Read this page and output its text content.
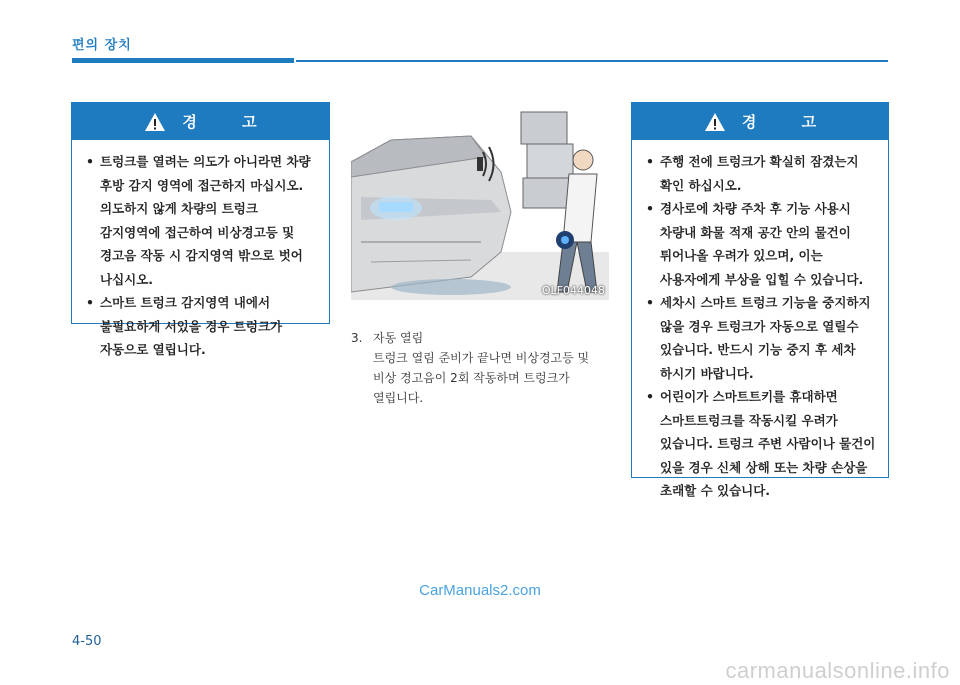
편의 장치
경 고
• 트렁크를 열려는 의도가 아니라면 차량 후방 감지 영역에 접근하지 마십시오. 의도하지 않게 차량의 트렁크 감지영역에 접근하여 비상경고등 및 경고음 작동 시 감지영역 밖으로 벗어 나십시오.
• 스마트 트렁크 감지영역 내에서 불필요하게 서있을 경우 트렁크가 자동으로 열립니다.
OLF044048
3. 자동 열림
트렁크 열림 준비가 끝나면 비상경고등 및 비상 경고음이 2회 작동하며 트렁크가 열립니다.
경 고
• 주행 전에 트렁크가 확실히 잠겼는지 확인 하십시오.
• 경사로에 차량 주차 후 기능 사용시 차량내 화물 적재 공간 안의 물건이 튀어나올 우려가 있으며, 이는 사용자에게 부상을 입힐 수 있습니다.
• 세차시 스마트 트렁크 기능을 중지하지 않을 경우 트렁크가 자동으로 열릴수 있습니다. 반드시 기능 중지 후 세차 하시기 바랍니다.
• 어린이가 스마트트키를 휴대하면 스마트트렁크를 작동시킬 우려가 있습니다. 트렁크 주변 사람이나 물건이 있을 경우 신체 상해 또는 차량 손상을 초래할 수 있습니다.
CarManuals2.com
4-50
carmanualsonline.info
